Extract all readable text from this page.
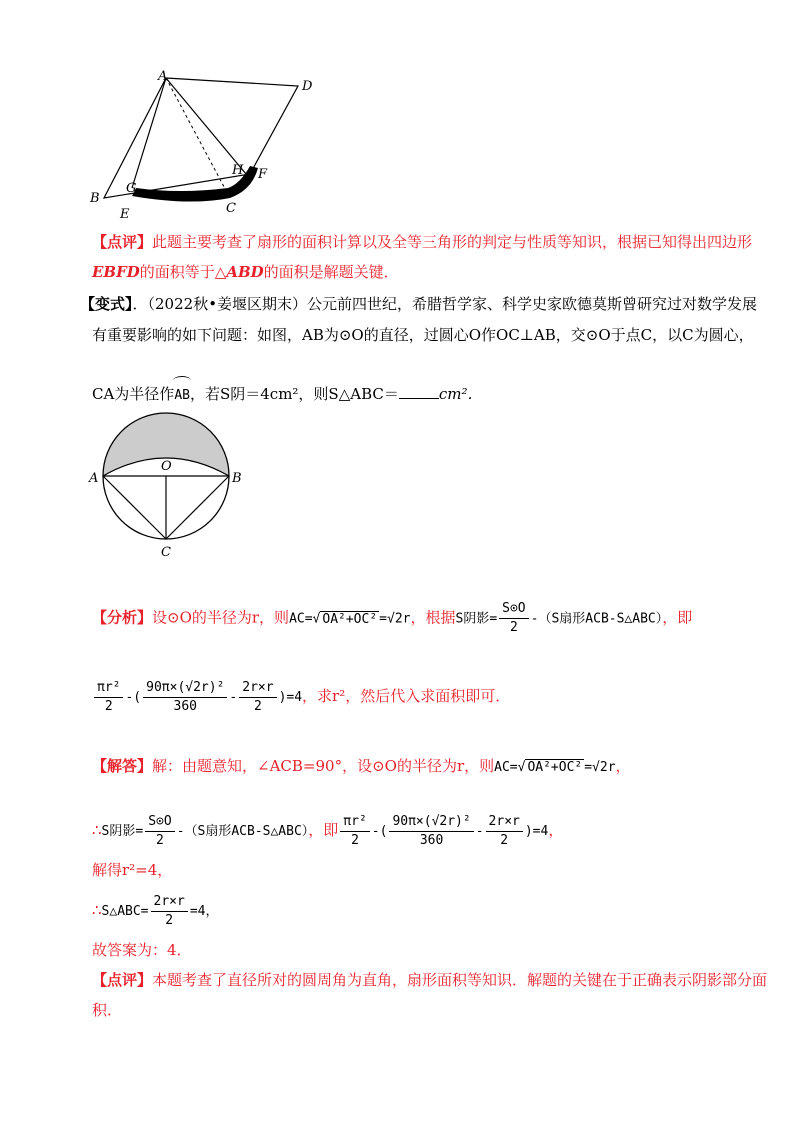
A
D
B
G
E	C
H F
【点评】此题主要考查了扇形的面积计算以及全等三角形的判定与性质等知识，根据已知得出四边形
EBFD的面积等于△ABD的面积是解题关键．
【变式】．（2022秋•姜堰区期末）公元前四世纪，希腊哲学家、科学史家欧德莫斯曾研究过对数学发展
有重要影响的如下问题：如图，AB为⊙O的直径，过圆心O作OC⊥AB，交⊙O于点C，以C为圆心，
CA为半径作
AB，若S阴＝4cm²，则S△ABC＝	cm²．
A	B
O
C
【分析】设⊙O的半径为r，则AC=√ OA²+OC² =√2r，根据S阴影= $\frac{S⊙O}{2} -(S$扇形ACB-S△ABC），即
$\frac{\text{πr²}}{2}$ -( $\frac{\text{90π×(√2r)²}}{360} - \frac{2r\times r}{2} )=4$，求r²，然后代入求面积即可．
【解答】解：由题意知，∠ACB=90°，设⊙O的半径为r，则AC=√ OA²+OC² =√2r，
∴S阴影= $\frac{S⊙O}{2} -(S$扇形ACB-S△ABC），即 $\frac{\text{πr²}}{2}$ -( $\frac{\text{90π×(√2r)²}}{360} - \frac{2r\times r}{2} )=4$，
解得r²=4，
∴S△ABC= $\frac{2r\times r}{2} =4$，
故答案为：4．
【点评】本题考查了直径所对的圆周角为直角，扇形面积等知识．解题的关键在于正确表示阴影部分面
积．
